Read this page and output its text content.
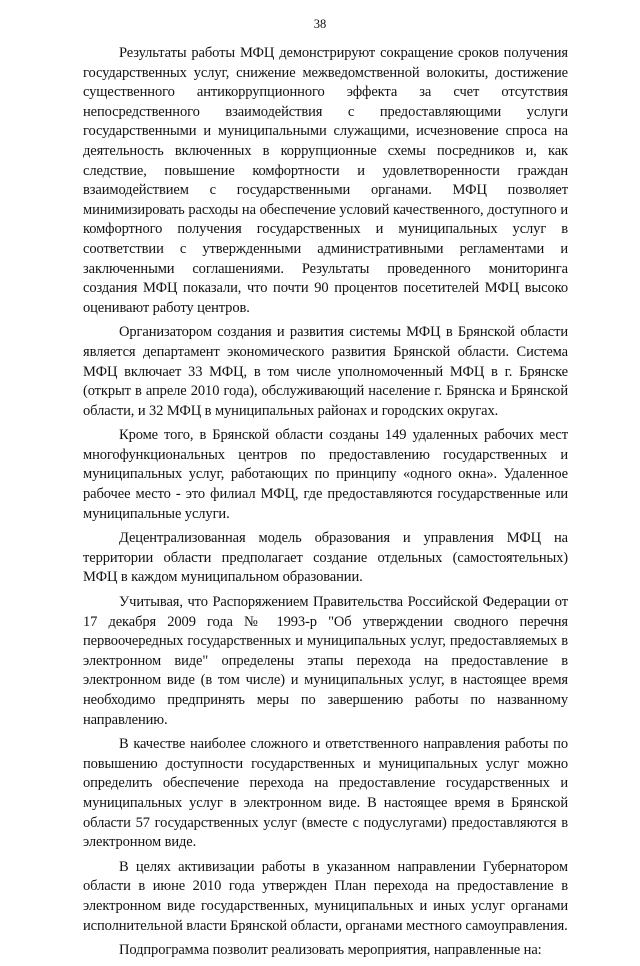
38

Результаты работы МФЦ демонстрируют сокращение сроков получения государственных услуг, снижение межведомственной волокиты, достижение существенного антикоррупционного эффекта за счет отсутствия непосредственного взаимодействия с предоставляющими услуги государственными и муниципальными служащими, исчезновение спроса на деятельность включенных в коррупционные схемы посредников и, как следствие, повышение комфортности и удовлетворенности граждан взаимодействием с государственными органами. МФЦ позволяет минимизировать расходы на обеспечение условий качественного, доступного и комфортного получения государственных и муниципальных услуг в соответствии с утвержденными административными регламентами и заключенными соглашениями. Результаты проведенного мониторинга создания МФЦ показали, что почти 90 процентов посетителей МФЦ высоко оценивают работу центров.

Организатором создания и развития системы МФЦ в Брянской области является департамент экономического развития Брянской области. Система МФЦ включает 33 МФЦ, в том числе уполномоченный МФЦ в г. Брянске (открыт в апреле 2010 года), обслуживающий население г. Брянска и Брянской области, и 32 МФЦ в муниципальных районах и городских округах.

Кроме того, в Брянской области созданы 149 удаленных рабочих мест многофункциональных центров по предоставлению государственных и муниципальных услуг, работающих по принципу «одного окна». Удаленное рабочее место - это филиал МФЦ, где предоставляются государственные или муниципальные услуги.

Децентрализованная модель образования и управления МФЦ на территории области предполагает создание отдельных (самостоятельных) МФЦ в каждом муниципальном образовании.

Учитывая, что Распоряжением Правительства Российской Федерации от 17 декабря 2009 года № 1993-р "Об утверждении сводного перечня первоочередных государственных и муниципальных услуг, предоставляемых в электронном виде" определены этапы перехода на предоставление в электронном виде (в том числе) и муниципальных услуг, в настоящее время необходимо предпринять меры по завершению работы по названному направлению.

В качестве наиболее сложного и ответственного направления работы по повышению доступности государственных и муниципальных услуг можно определить обеспечение перехода на предоставление государственных и муниципальных услуг в электронном виде. В настоящее время в Брянской области 57 государственных услуг (вместе с подуслугами) предоставляются в электронном виде.

В целях активизации работы в указанном направлении Губернатором области в июне 2010 года утвержден План перехода на предоставление в электронном виде государственных, муниципальных и иных услуг органами исполнительной власти Брянской области, органами местного самоуправления.

Подпрограмма позволит реализовать мероприятия, направленные на:
